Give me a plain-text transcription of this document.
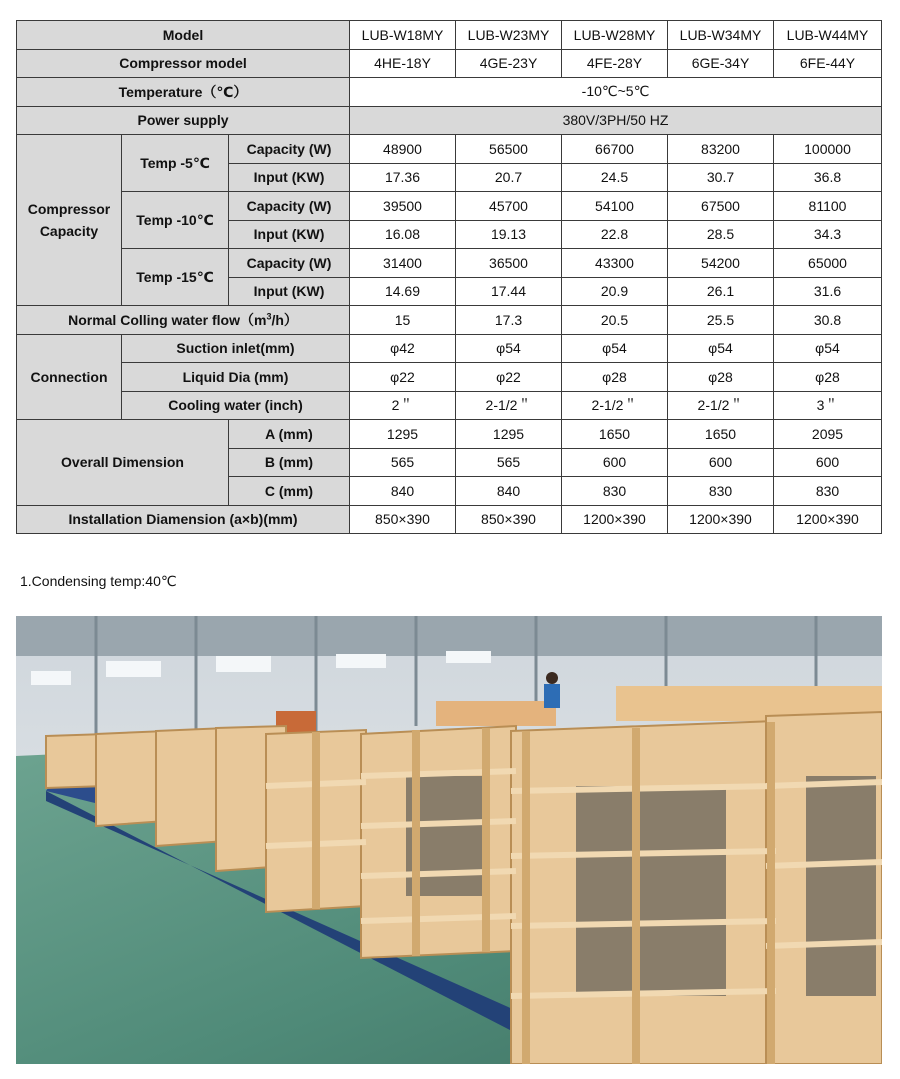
Model			LUB-W18MY	LUB-W23MY	LUB-W28MY	LUB-W34MY	LUB-W44MY
Compressor model			4HE-18Y	4GE-23Y	4FE-28Y	6GE-34Y	6FE-44Y
Temperature（℃）			-10℃~5℃				
Power supply			380V/3PH/50 HZ				
Compressor Capacity	Temp -5℃	Capacity (W)	48900	56500	66700	83200	100000
		Input (KW)	17.36	20.7	24.5	30.7	36.8
	Temp -10℃	Capacity (W)	39500	45700	54100	67500	81100
		Input (KW)	16.08	19.13	22.8	28.5	34.3
	Temp -15℃	Capacity (W)	31400	36500	43300	54200	65000
		Input (KW)	14.69	17.44	20.9	26.1	31.6
Normal Colling water $flow(m^3/h)$			15	17.3	20.5	25.5	30.8
Connection	Suction inlet(mm)		φ42	φ54	φ54	φ54	φ54
	Liquid Dia (mm)		φ22	φ22	φ28	φ28	φ28
	Cooling water (inch)		2＂	2-1/2＂	2-1/2＂	2-1/2＂	3＂
Overall Dimension		A (mm)	1295	1295	1650	1650	2095
		B (mm)	565	565	600	600	600
		C (mm)	840	840	830	830	830
Installation Diamension (a×b)(mm)			850×390	850×390	1200×390	1200×390	1200×390
1.Condensing temp:40℃
